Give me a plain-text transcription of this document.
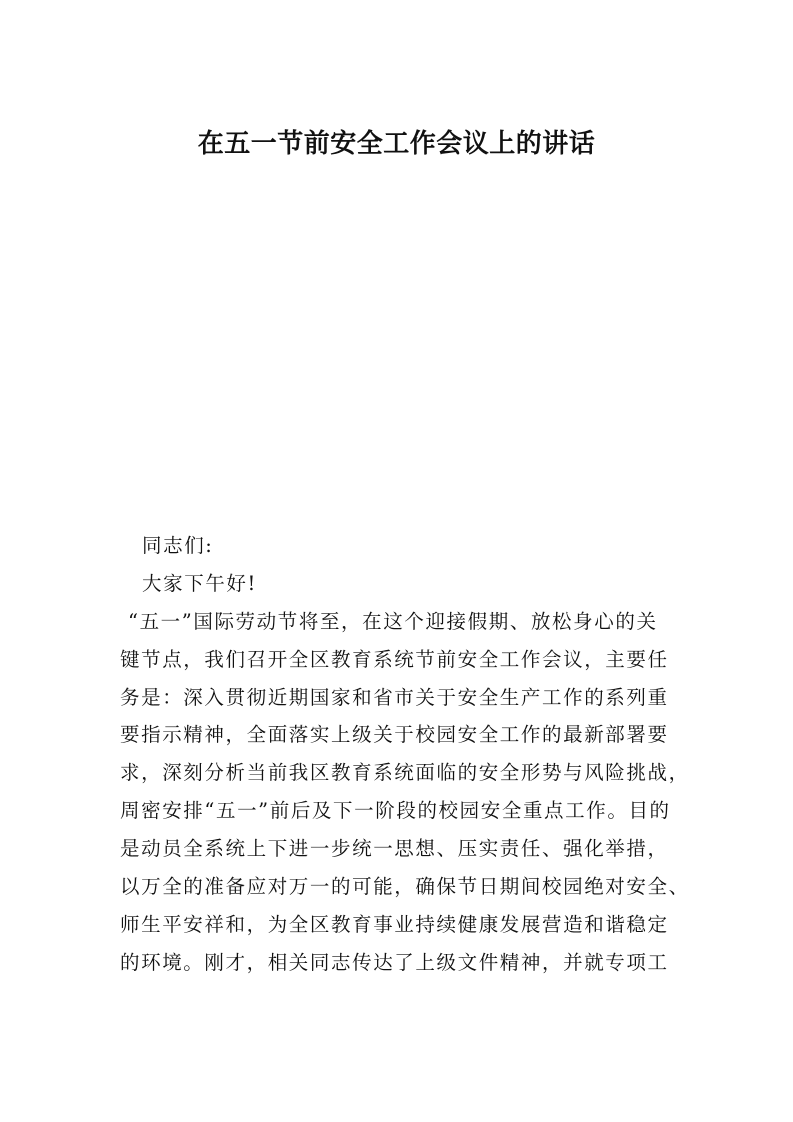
在五一节前安全工作会议上的讲话
同志们:
大家下午好!
“五一”国际劳动节将至，在这个迎接假期、放松身心的关
键节点，我们召开全区教育系统节前安全工作会议，主要任
务是：深入贯彻近期国家和省市关于安全生产工作的系列重
要指示精神，全面落实上级关于校园安全工作的最新部署要
求，深刻分析当前我区教育系统面临的安全形势与风险挑战，
周密安排“五一”前后及下一阶段的校园安全重点工作。目的
是动员全系统上下进一步统一思想、压实责任、强化举措，
以万全的准备应对万一的可能，确保节日期间校园绝对安全、
师生平安祥和，为全区教育事业持续健康发展营造和谐稳定
的环境。刚才，相关同志传达了上级文件精神，并就专项工
